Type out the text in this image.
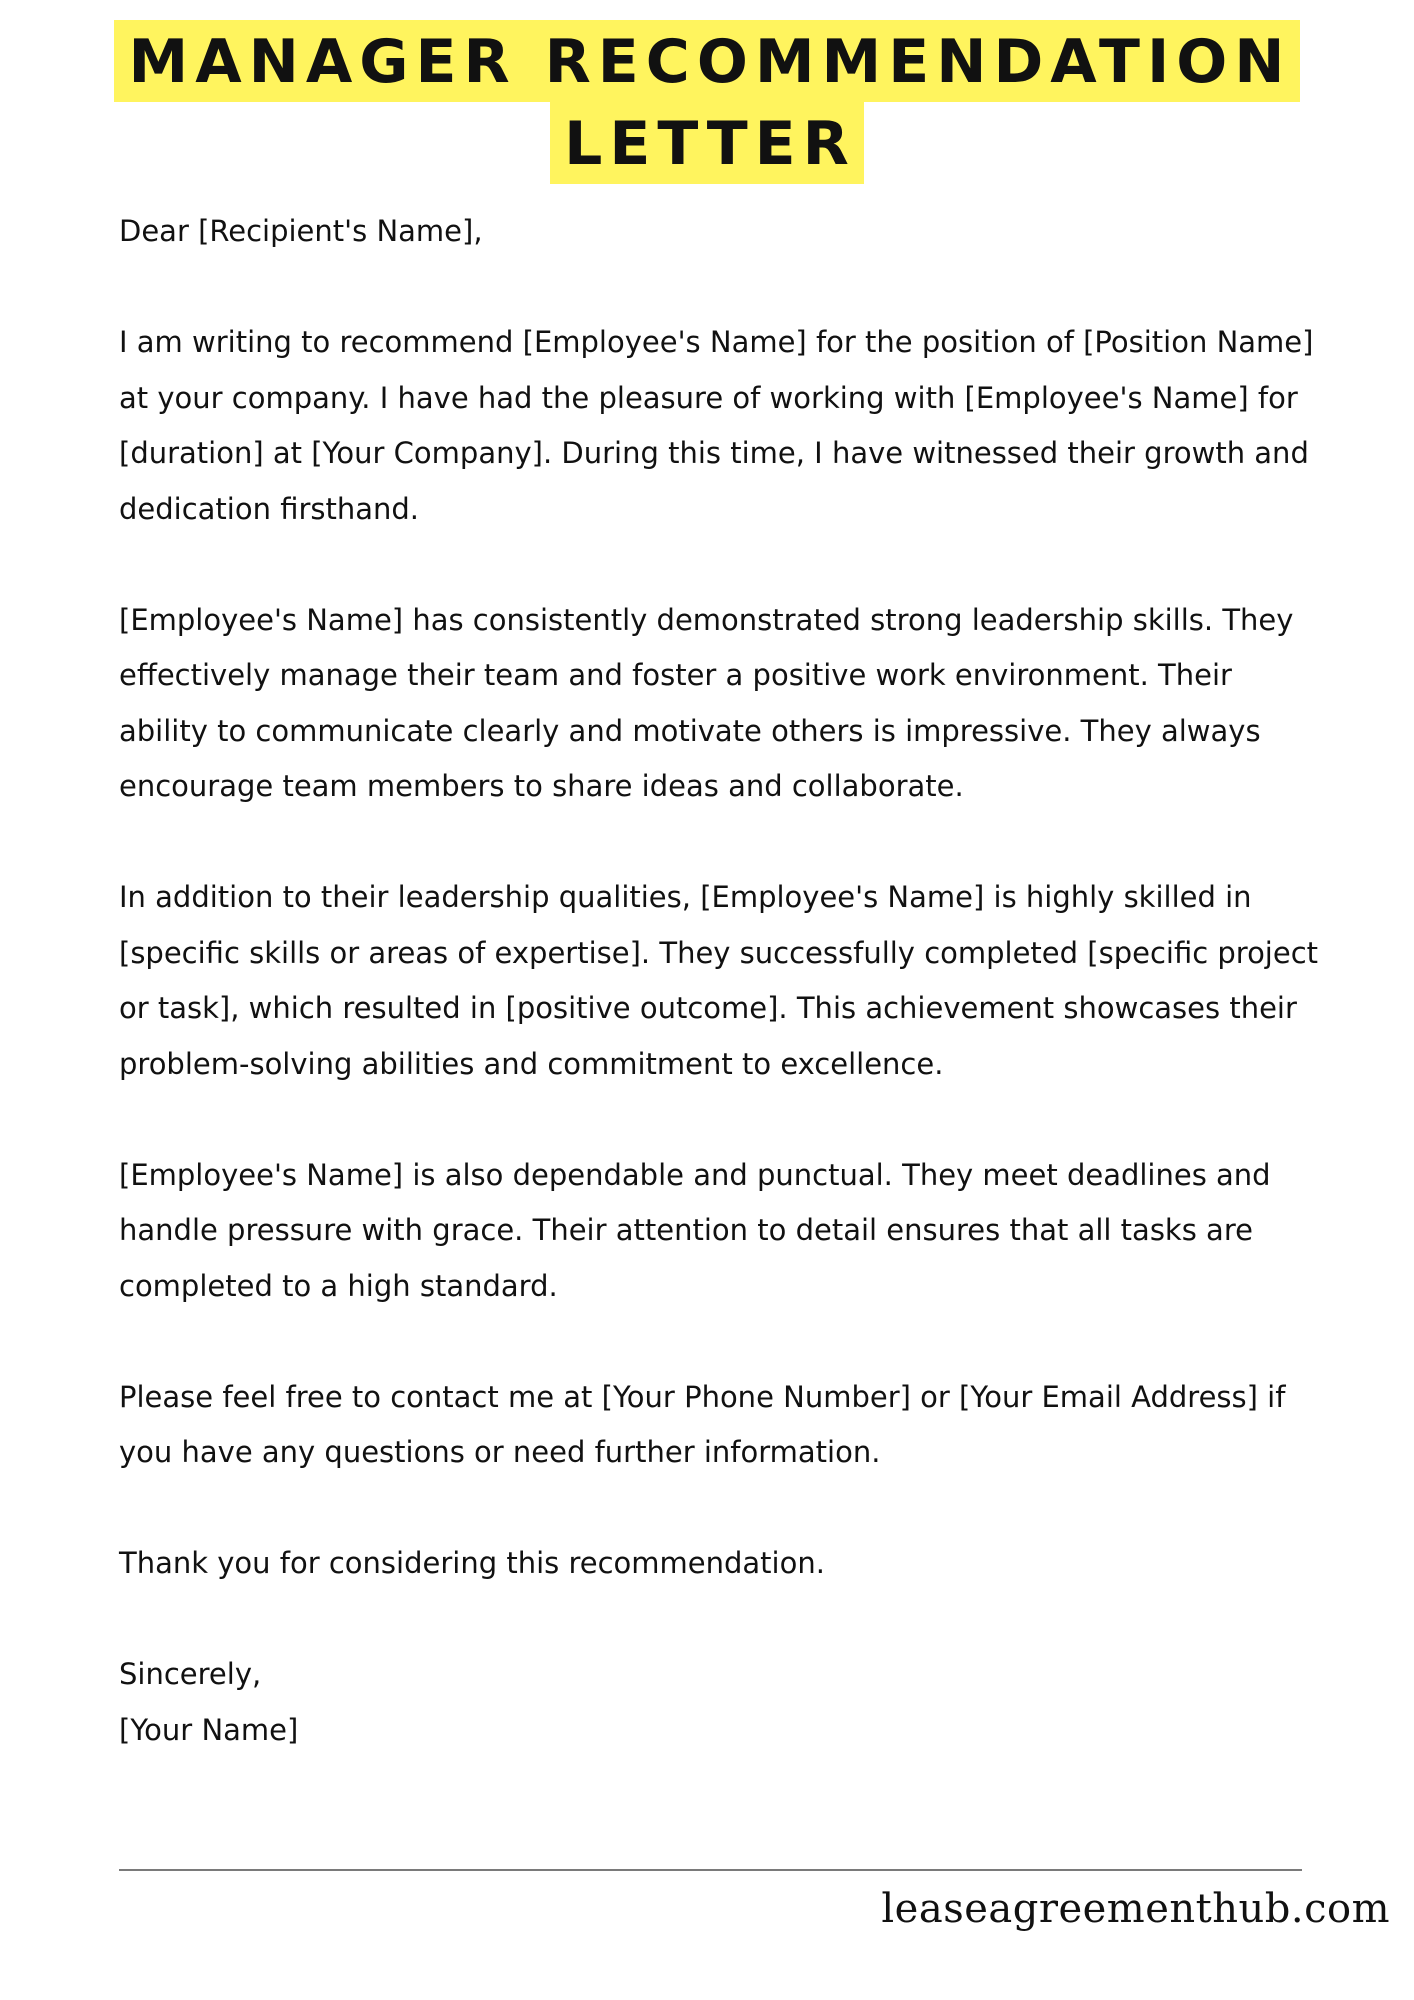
MANAGER RECOMMENDATION
LETTER

Dear [Recipient's Name],

I am writing to recommend [Employee's Name] for the position of [Position Name] at your company. I have had the pleasure of working with [Employee's Name] for [duration] at [Your Company]. During this time, I have witnessed their growth and dedication firsthand.

[Employee's Name] has consistently demonstrated strong leadership skills. They effectively manage their team and foster a positive work environment. Their ability to communicate clearly and motivate others is impressive. They always encourage team members to share ideas and collaborate.

In addition to their leadership qualities, [Employee's Name] is highly skilled in [specific skills or areas of expertise]. They successfully completed [specific project or task], which resulted in [positive outcome]. This achievement showcases their problem-solving abilities and commitment to excellence.

[Employee's Name] is also dependable and punctual. They meet deadlines and handle pressure with grace. Their attention to detail ensures that all tasks are completed to a high standard.

Please feel free to contact me at [Your Phone Number] or [Your Email Address] if you have any questions or need further information.

Thank you for considering this recommendation.

Sincerely,

[Your Name]

leaseagreementhub.com
